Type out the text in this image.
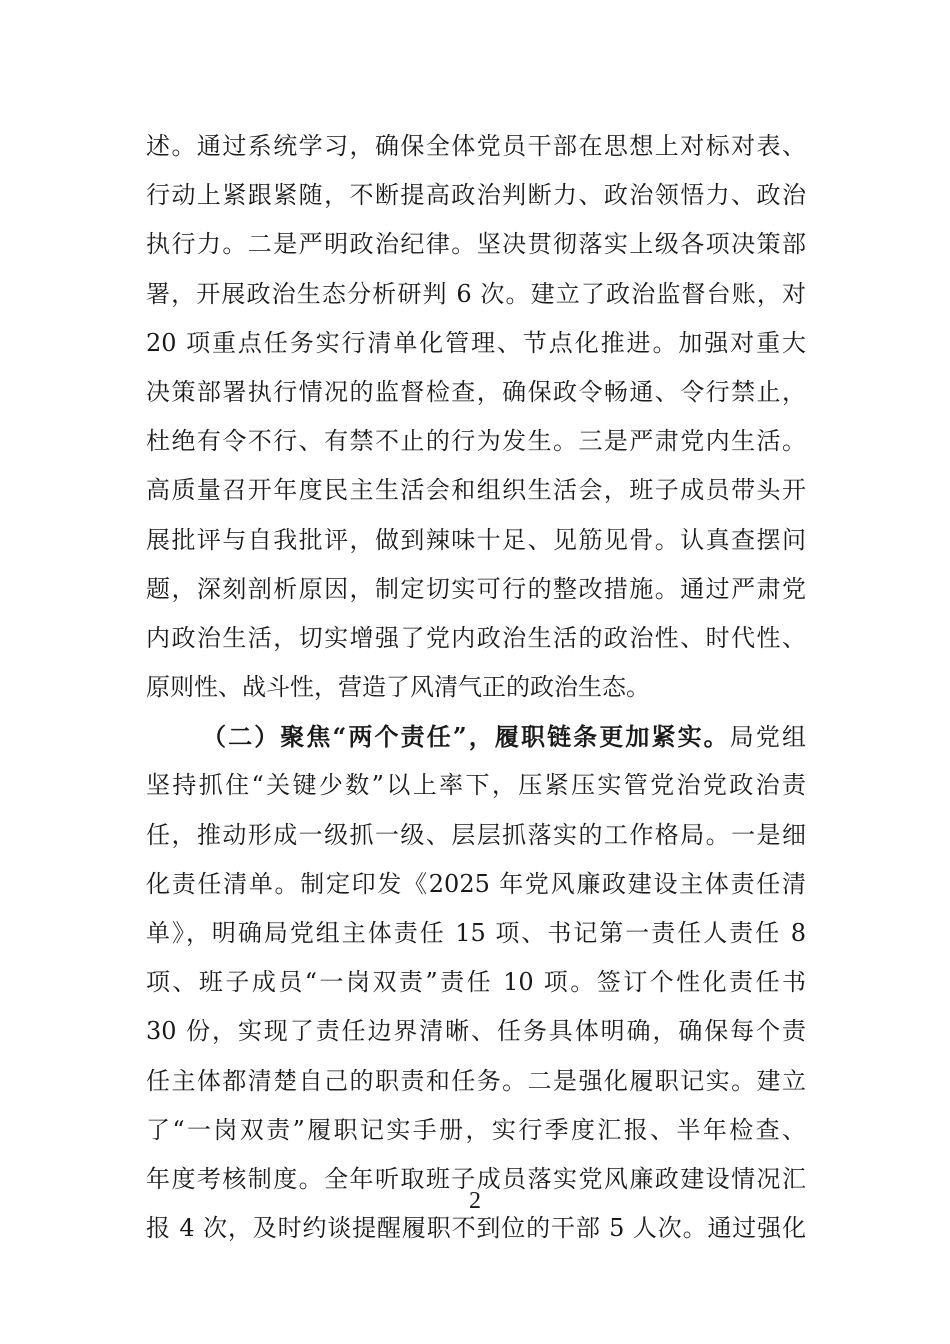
述。通过系统学习，确保全体党员干部在思想上对标对表、
行动上紧跟紧随，不断提高政治判断力、政治领悟力、政治
执行力。二是严明政治纪律。坚决贯彻落实上级各项决策部
署，开展政治生态分析研判 6 次。建立了政治监督台账，对
20 项重点任务实行清单化管理、节点化推进。加强对重大
决策部署执行情况的监督检查，确保政令畅通、令行禁止，
杜绝有令不行、有禁不止的行为发生。三是严肃党内生活。
高质量召开年度民主生活会和组织生活会，班子成员带头开
展批评与自我批评，做到辣味十足、见筋见骨。认真查摆问
题，深刻剖析原因，制定切实可行的整改措施。通过严肃党
内政治生活，切实增强了党内政治生活的政治性、时代性、
原则性、战斗性，营造了风清气正的政治生态。
（二）聚焦“两个责任”，履职链条更加紧实。局党组
坚持抓住“关键少数”以上率下，压紧压实管党治党政治责
任，推动形成一级抓一级、层层抓落实的工作格局。一是细
化责任清单。制定印发《2025 年党风廉政建设主体责任清
单》，明确局党组主体责任 15 项、书记第一责任人责任 8
项、班子成员“一岗双责”责任 10 项。签订个性化责任书
30 份，实现了责任边界清晰、任务具体明确，确保每个责
任主体都清楚自己的职责和任务。二是强化履职记实。建立
了“一岗双责”履职记实手册，实行季度汇报、半年检查、
年度考核制度。全年听取班子成员落实党风廉政建设情况汇
报 4 次，及时约谈提醒履职不到位的干部 5 人次。通过强化
2
